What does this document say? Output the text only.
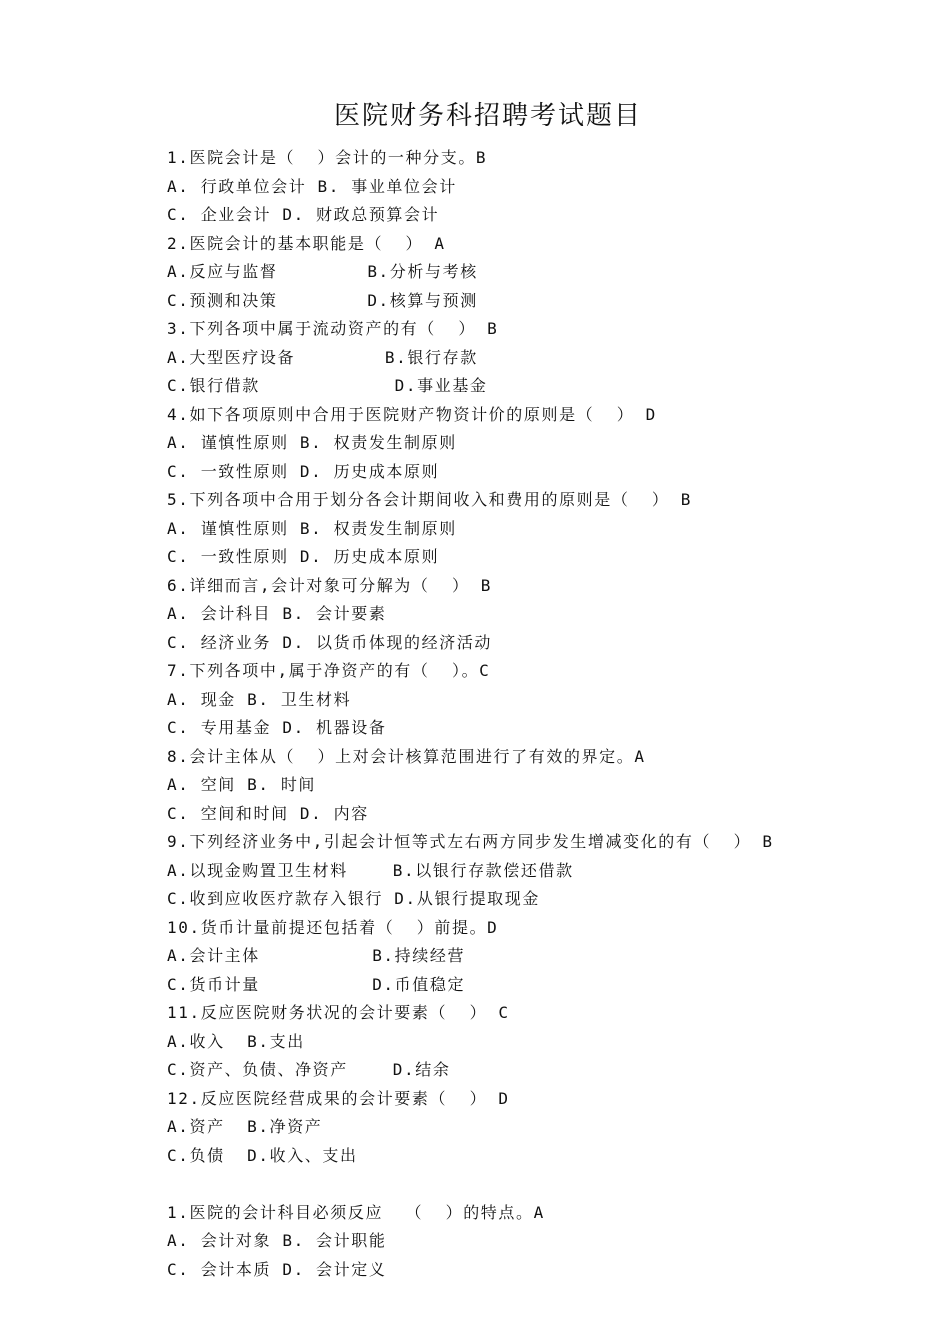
医院财务科招聘考试题目
1.医院会计是（  ）会计的一种分支。B
A. 行政单位会计 B. 事业单位会计
C. 企业会计 D. 财政总预算会计
2.医院会计的基本职能是（  ） A
A.反应与监督        B.分析与考核
C.预测和决策        D.核算与预测
3.下列各项中属于流动资产的有（  ） B
A.大型医疗设备        B.银行存款
C.银行借款            D.事业基金
4.如下各项原则中合用于医院财产物资计价的原则是（  ） D
A. 谨慎性原则 B. 权责发生制原则
C. 一致性原则 D. 历史成本原则
5.下列各项中合用于划分各会计期间收入和费用的原则是（  ） B
A. 谨慎性原则 B. 权责发生制原则
C. 一致性原则 D. 历史成本原则
6.详细而言,会计对象可分解为（  ） B
A. 会计科目 B. 会计要素
C. 经济业务 D. 以货币体现的经济活动
7.下列各项中,属于净资产的有（  ）。C
A. 现金 B. 卫生材料
C. 专用基金 D. 机器设备
8.会计主体从（  ）上对会计核算范围进行了有效的界定。A
A. 空间 B. 时间
C. 空间和时间 D. 内容
9.下列经济业务中,引起会计恒等式左右两方同步发生增减变化的有（  ） B
A.以现金购置卫生材料    B.以银行存款偿还借款
C.收到应收医疗款存入银行 D.从银行提取现金
10.货币计量前提还包括着（  ）前提。D
A.会计主体          B.持续经营
C.货币计量          D.币值稳定
11.反应医院财务状况的会计要素（  ） C
A.收入  B.支出
C.资产、负债、净资产    D.结余
12.反应医院经营成果的会计要素（  ） D
A.资产  B.净资产
C.负债  D.收入、支出
1.医院的会计科目必须反应  （  ）的特点。A
A. 会计对象 B. 会计职能
C. 会计本质 D. 会计定义
